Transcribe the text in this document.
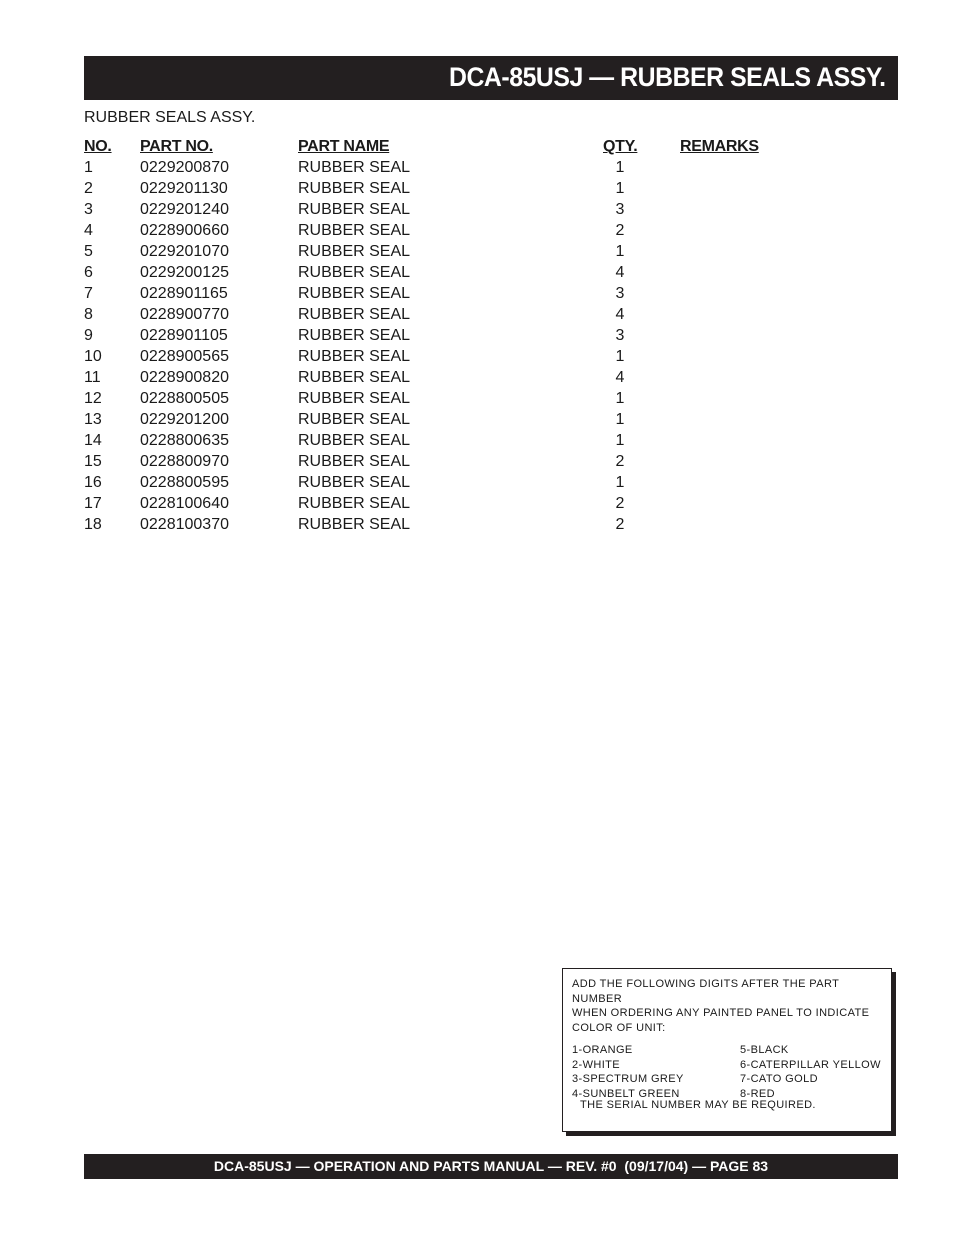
DCA-85USJ — RUBBER SEALS ASSY.
RUBBER SEALS ASSY.
NO. PART NO.	PART NAME	QTY.	REMARKS
1	0229200870	RUBBER SEAL	1
2	0229201130	RUBBER SEAL	1
3	0229201240	RUBBER SEAL	3
4	0228900660	RUBBER SEAL	2
5	0229201070	RUBBER SEAL	1
6	0229200125	RUBBER SEAL	4
7	0228901165	RUBBER SEAL	3
8	0228900770	RUBBER SEAL	4
9	0228901105	RUBBER SEAL	3
10 0228900565	RUBBER SEAL	1
11 0228900820	RUBBER SEAL	4
12 0228800505	RUBBER SEAL	1
13 0229201200	RUBBER SEAL	1
14 0228800635	RUBBER SEAL	1
15 0228800970	RUBBER SEAL	2
16 0228800595	RUBBER SEAL	1
17 0228100640	RUBBER SEAL	2
18 0228100370	RUBBER SEAL	2
ADD THE FOLLOWING DIGITS AFTER THE PART NUMBER
WHEN ORDERING ANY PAINTED PANEL TO INDICATE
COLOR OF UNIT:
1-ORANGE
2-WHITE
3-SPECTRUM GREY
4-SUNBELT GREEN
5-BLACK
6-CATERPILLAR YELLOW
7-CATO GOLD
8-RED
THE SERIAL NUMBER MAY BE REQUIRED.
DCA-85USJ — OPERATION AND PARTS MANUAL — REV. #0  (09/17/04) — PAGE 83
